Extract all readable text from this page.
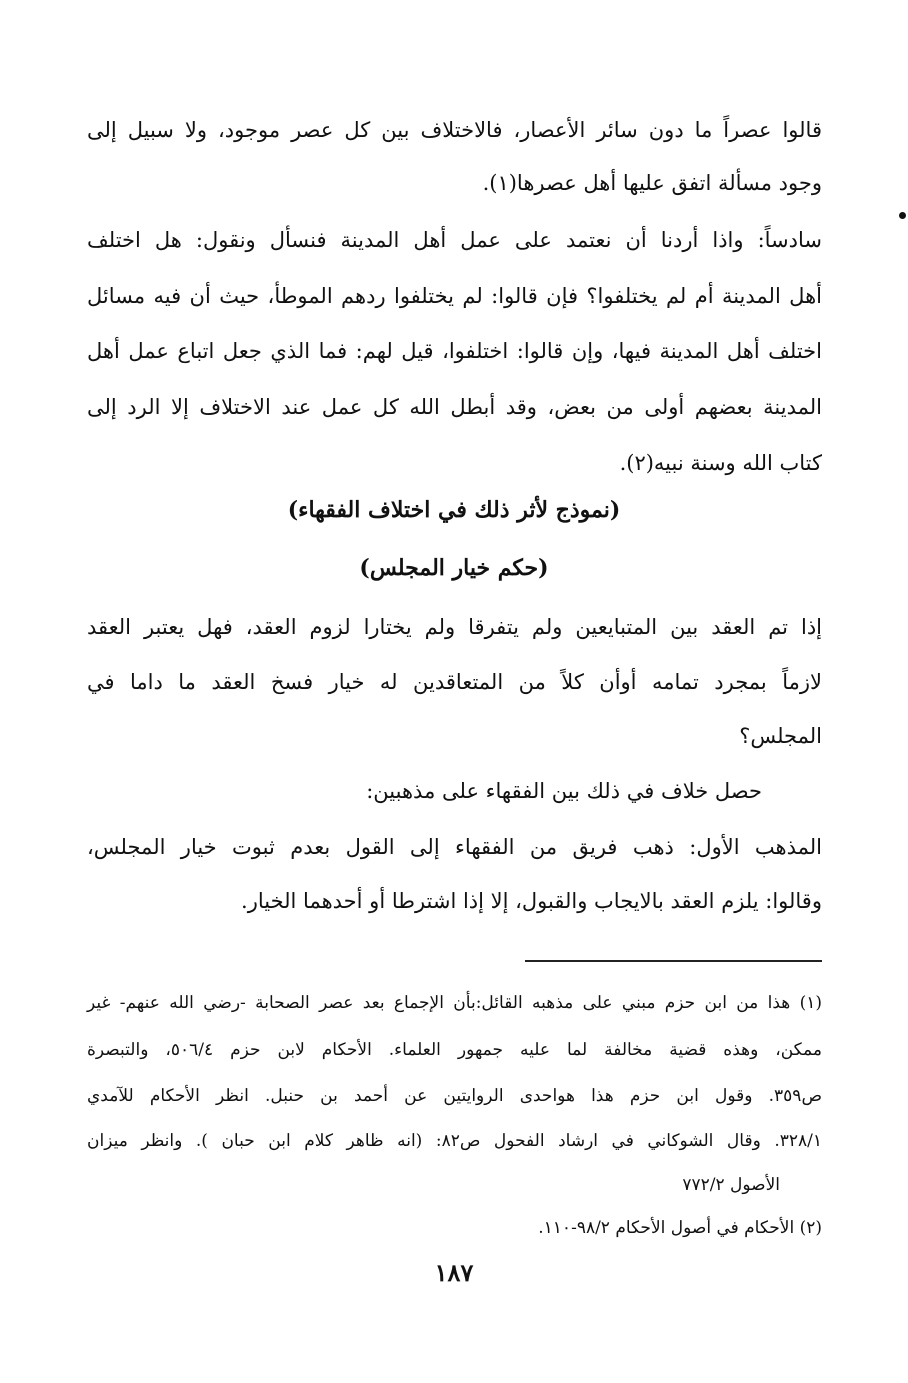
قالوا عصراً ما دون سائر الأعصار، فالاختلاف بين كل عصر موجود، ولا سبيل إلى
وجود مسألة اتفق عليها أهل عصرها(١).
سادساً: واذا أردنا أن نعتمد على عمل أهل المدينة فنسأل ونقول: هل اختلف
أهل المدينة أم لم يختلفوا؟ فإن قالوا: لم يختلفوا ردهم الموطأ، حيث أن فيه مسائل
اختلف أهل المدينة فيها، وإن قالوا: اختلفوا، قيل لهم: فما الذي جعل اتباع عمل أهل
المدينة بعضهم أولى من بعض، وقد أبطل الله كل عمل عند الاختلاف إلا الرد إلى
كتاب الله وسنة نبيه(٢).
(نموذج لأثر ذلك في اختلاف الفقهاء)
(حكم خيار المجلس)
إذا تم العقد بين المتبايعين ولم يتفرقا ولم يختارا لزوم العقد، فهل يعتبر العقد
لازماً بمجرد تمامه أوأن كلاً من المتعاقدين له خيار فسخ العقد ما داما في
المجلس؟
حصل خلاف في ذلك بين الفقهاء على مذهبين:
المذهب الأول: ذهب فريق من الفقهاء إلى القول بعدم ثبوت خيار المجلس،
وقالوا: يلزم العقد بالايجاب والقبول، إلا إذا اشترطا أو أحدهما الخيار.
(١) هذا من ابن حزم مبني على مذهبه القائل:بأن الإجماع بعد عصر الصحابة -رضي الله عنهم- غير
ممكن، وهذه قضية مخالفة لما عليه جمهور العلماء. الأحكام لابن حزم ٥٠٦/٤، والتبصرة
ص٣٥٩. وقول ابن حزم هذا هواحدى الروايتين عن أحمد بن حنبل. انظر الأحكام للآمدي
٣٢٨/١. وقال الشوكاني في ارشاد الفحول ص٨٢: (انه ظاهر كلام ابن حبان ). وانظر ميزان
الأصول ٧٧٢/٢
(٢) الأحكام في أصول الأحكام ٩٨/٢-١١٠.
١٨٧
